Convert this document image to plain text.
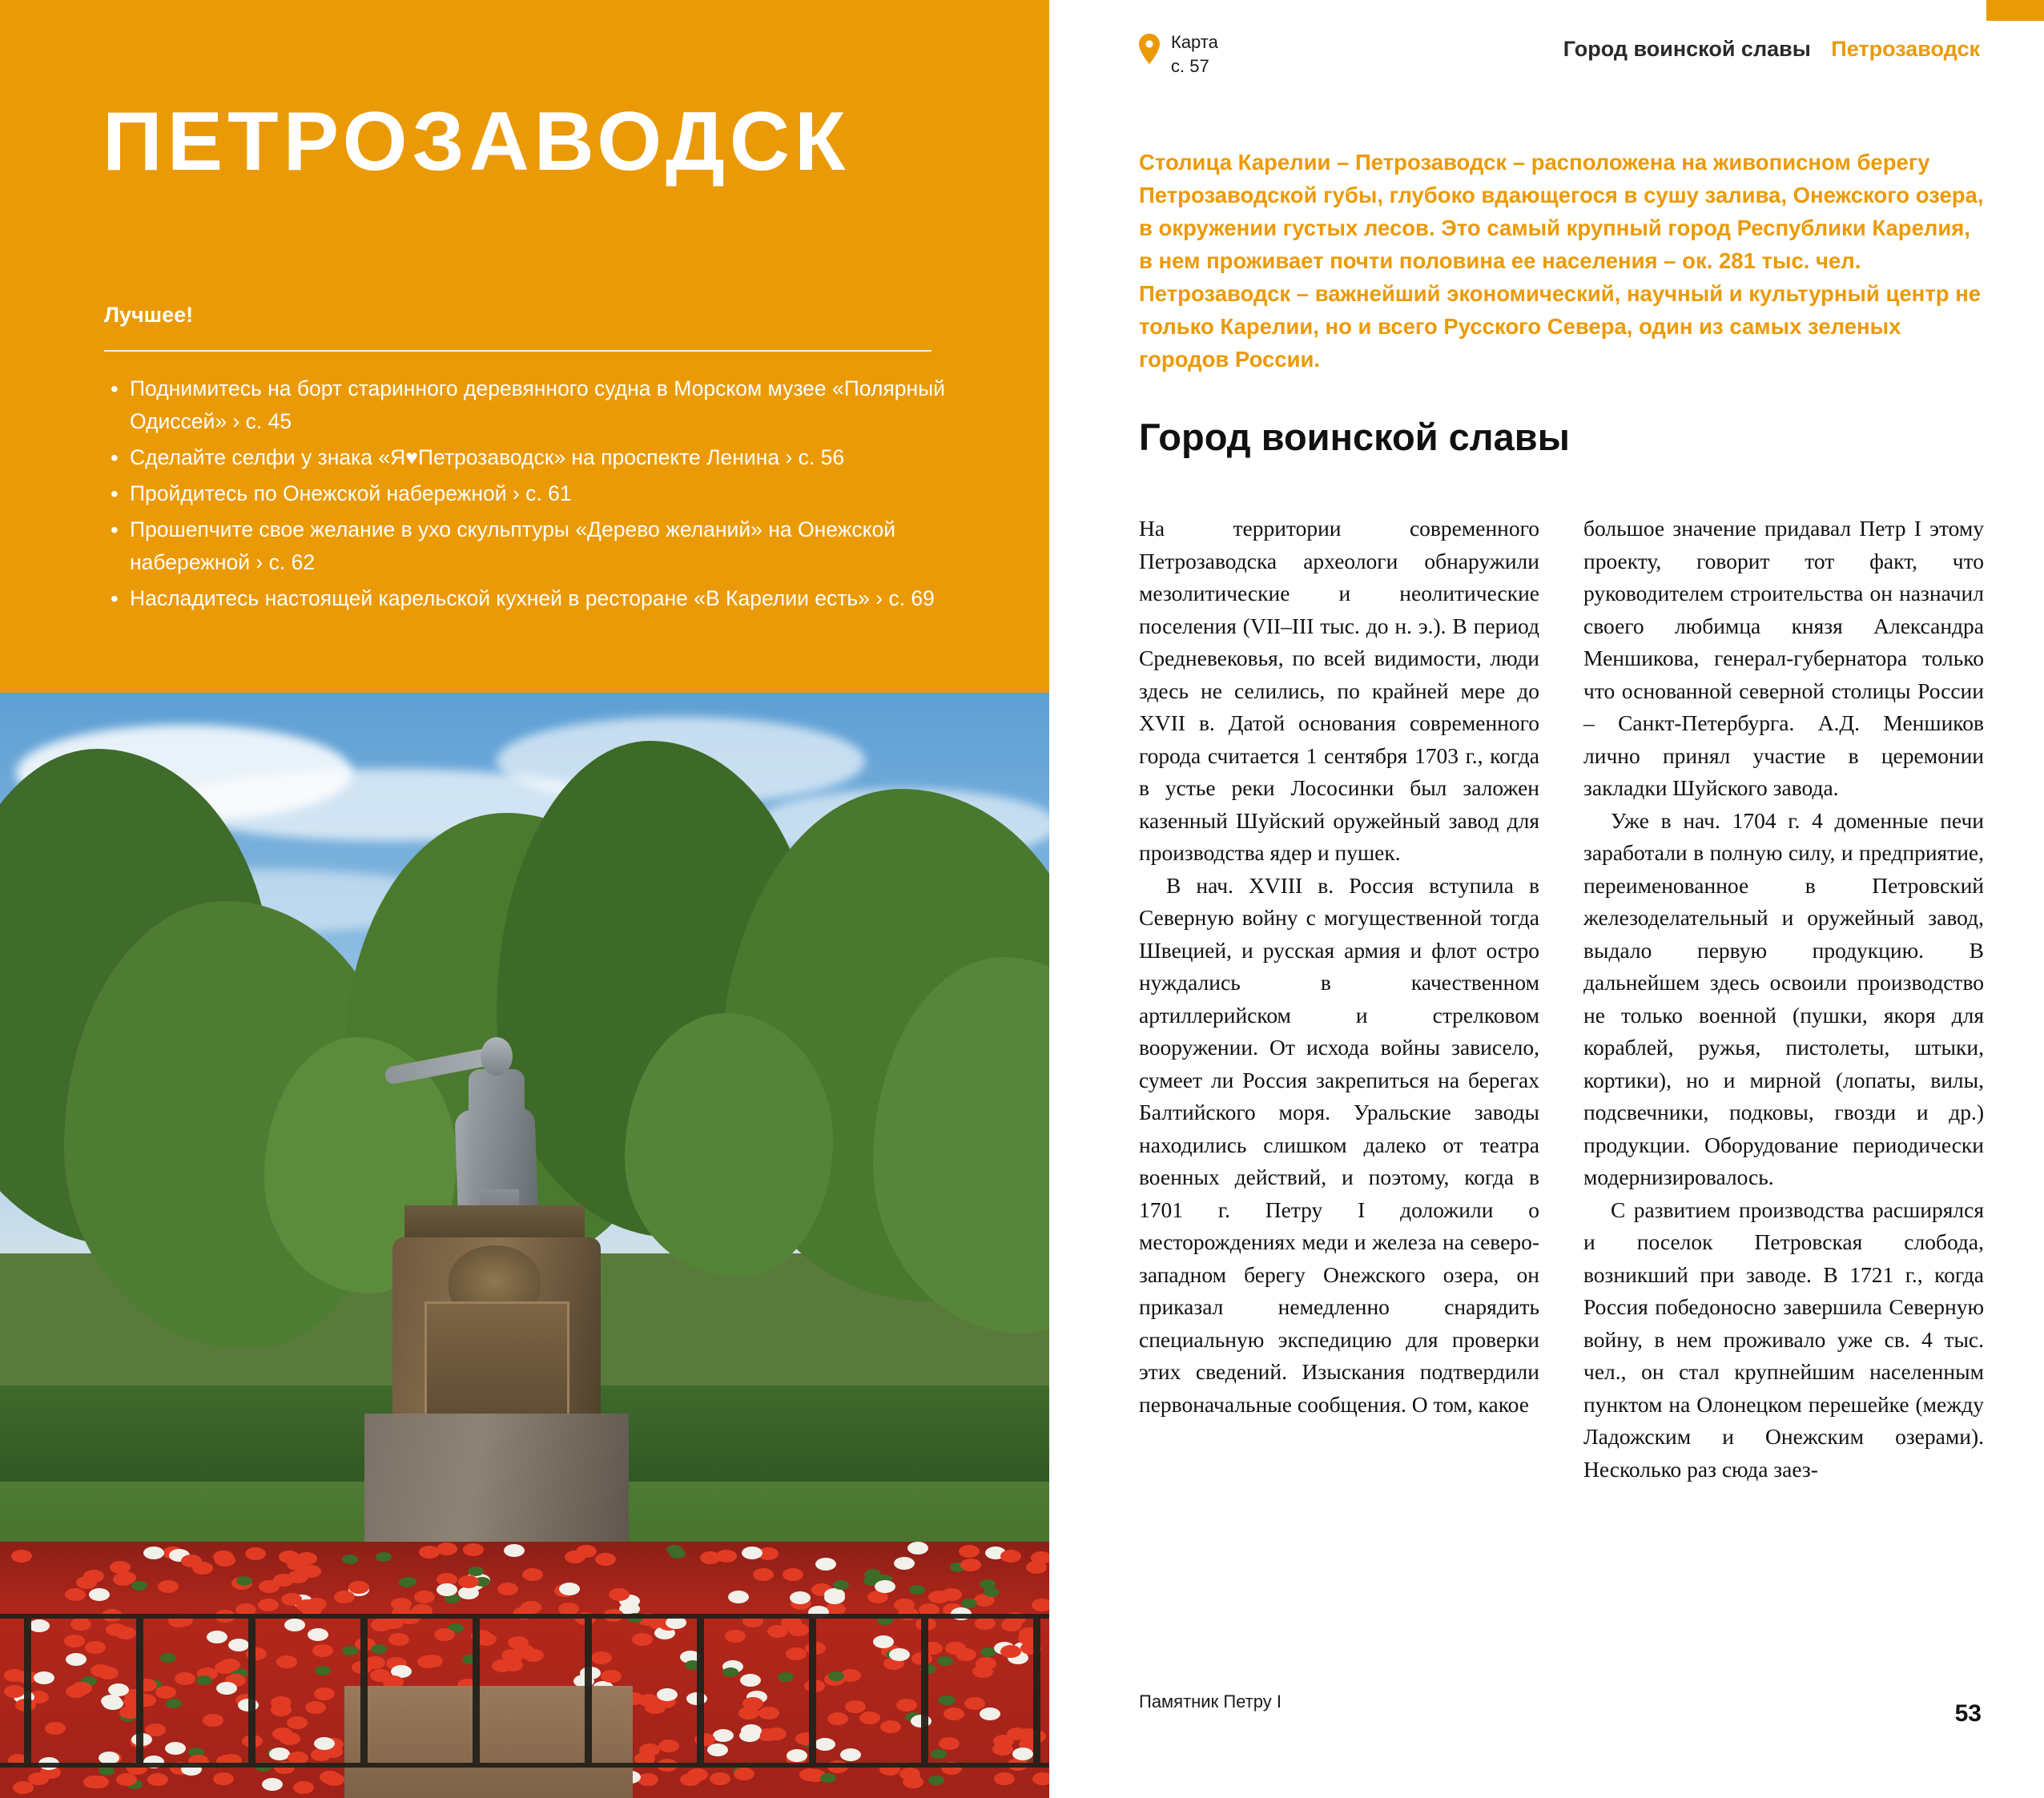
ПЕТРОЗАВОДСК
Лучшее!
• Поднимитесь на борт старинного деревянного судна в Морском музее «Полярный Одиссей» › с. 45
• Сделайте селфи у знака «Я♥Петрозаводск» на проспекте Ленина › с. 56
• Пройдитесь по Онежской набережной › с. 61
• Прошепчите свое желание в ухо скульптуры «Дерево желаний» на Онежской набережной › с. 62
• Насладитесь настоящей карельской кухней в ресторане «В Карелии есть» › с. 69
Карта
с. 57
Город воинской славы Петрозаводск
Столица Карелии – Петрозаводск – расположена на живописном берегу Петрозаводской губы, глубоко вдающегося в сушу залива, Онежского озера, в окружении густых лесов. Это самый крупный город Республики Карелия, в нем проживает почти половина ее населения – ок. 281 тыс. чел. Петрозаводск – важнейший экономический, научный и культурный центр не только Карелии, но и всего Русского Севера, один из самых зеленых городов России.
Город воинской славы

На территории современного Петрозаводска археологи обнаружили мезолитические и неолитические поселения (VII–III тыс. до н. э.). В период Средневековья, по всей видимости, люди здесь не селились, по крайней мере до XVII в. Датой основания современного города считается 1 сентября 1703 г., когда в устье реки Лососинки был заложен казенный Шуйский оружейный завод для производства ядер и пушек.

В нач. XVIII в. Россия вступила в Северную войну с могущественной тогда Швецией, и русская армия и флот остро нуждались в качественном артиллерийском и стрелковом вооружении. От исхода войны зависело, сумеет ли Россия закрепиться на берегах Балтийского моря. Уральские заводы находились слишком далеко от театра военных действий, и поэтому, когда в 1701 г. Петру I доложили о месторождениях меди и железа на северо-западном берегу Онежского озера, он приказал немедленно снарядить специальную экспедицию для проверки этих сведений. Изыскания подтвердили первоначальные сообщения. О том, какое

большое значение придавал Петр I этому проекту, говорит тот факт, что руководителем строительства он назначил своего любимца князя Александра Меншикова, генерал-губернатора только что основанной северной столицы России – Санкт-Петербурга. А.Д. Меншиков лично принял участие в церемонии закладки Шуйского завода.

Уже в нач. 1704 г. 4 доменные печи заработали в полную силу, и предприятие, переименованное в Петровский железоделательный и оружейный завод, выдало первую продукцию. В дальнейшем здесь освоили производство не только военной (пушки, якоря для кораблей, ружья, пистолеты, штыки, кортики), но и мирной (лопаты, вилы, подсвечники, подковы, гвозди и др.) продукции. Оборудование периодически модернизировалось.

С развитием производства расширялся и поселок Петровская слобода, возникший при заводе. В 1721 г., когда Россия победоносно завершила Северную войну, в нем проживало уже св. 4 тыс. чел., он стал крупнейшим населенным пунктом на Олонецком перешейке (между Ладожским и Онежским озерами). Несколько раз сюда заез-

53
Памятник Петру I
